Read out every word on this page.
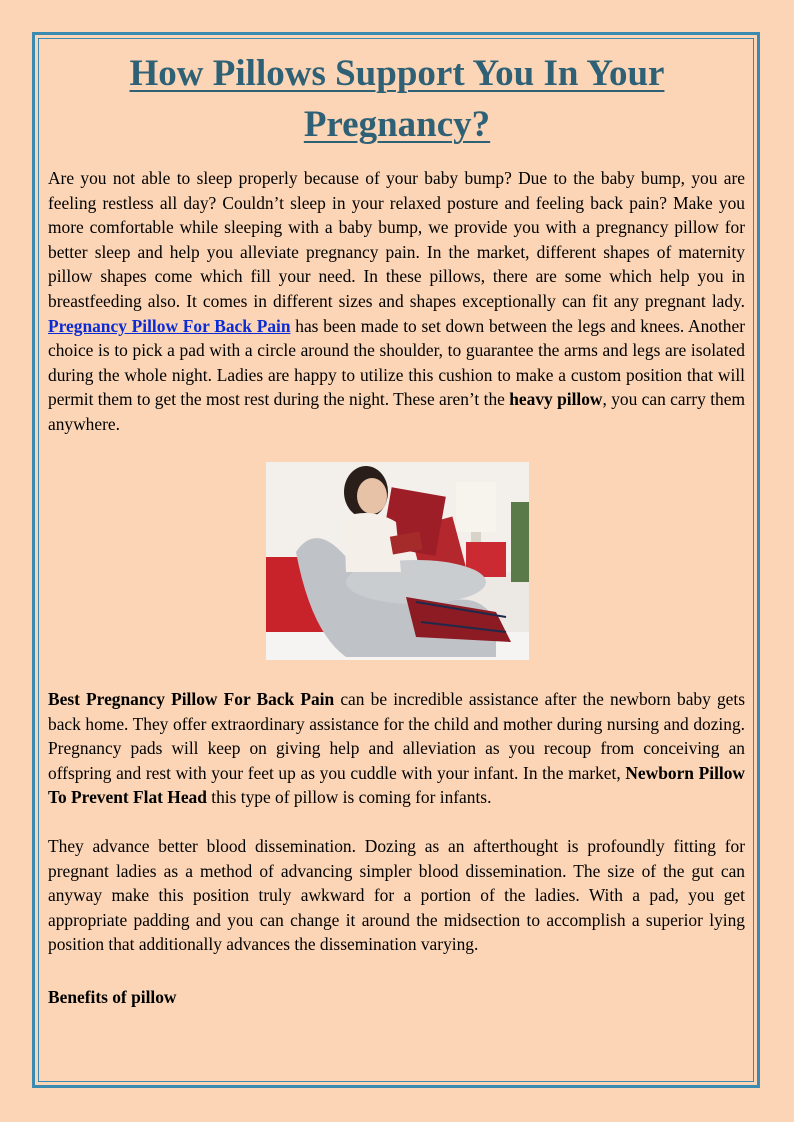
How Pillows Support You In Your Pregnancy?

Are you not able to sleep properly because of your baby bump? Due to the baby bump, you are feeling restless all day? Couldn’t sleep in your relaxed posture and feeling back pain? Make you more comfortable while sleeping with a baby bump, we provide you with a pregnancy pillow for better sleep and help you alleviate pregnancy pain. In the market, different shapes of maternity pillow shapes come which fill your need. In these pillows, there are some which help you in breastfeeding also. It comes in different sizes and shapes exceptionally can fit any pregnant lady. Pregnancy Pillow For Back Pain has been made to set down between the legs and knees. Another choice is to pick a pad with a circle around the shoulder, to guarantee the arms and legs are isolated during the whole night. Ladies are happy to utilize this cushion to make a custom position that will permit them to get the most rest during the night. These aren’t the heavy pillow, you can carry them anywhere.

Best Pregnancy Pillow For Back Pain can be incredible assistance after the newborn baby gets back home. They offer extraordinary assistance for the child and mother during nursing and dozing. Pregnancy pads will keep on giving help and alleviation as you recoup from conceiving an offspring and rest with your feet up as you cuddle with your infant. In the market, Newborn Pillow To Prevent Flat Head this type of pillow is coming for infants.

They advance better blood dissemination. Dozing as an afterthought is profoundly fitting for pregnant ladies as a method of advancing simpler blood dissemination. The size of the gut can anyway make this position truly awkward for a portion of the ladies. With a pad, you get appropriate padding and you can change it around the midsection to accomplish a superior lying position that additionally advances the dissemination varying.

Benefits of pillow
